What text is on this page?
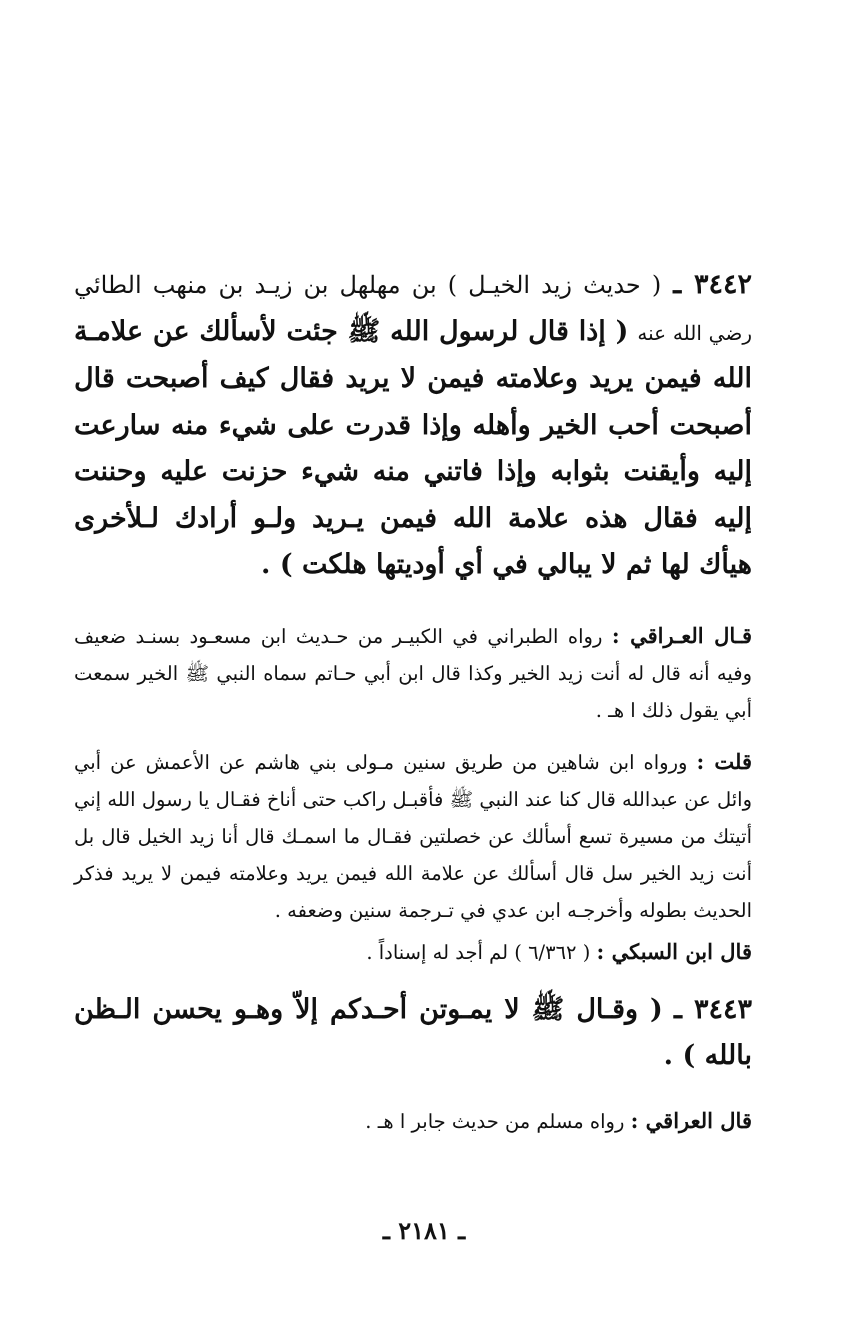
٣٤٤٢ ـ ( حديث زيد الخيـل ) بن مهلهل بن زيـد بن منهب الطائي رضي الله عنه ( إذا قال لرسول الله ﷺ جئت لأسألك عن علامـة الله فيمن يريد وعلامته فيمن لا يريد فقال كيف أصبحت قال أصبحت أحب الخير وأهله وإذا قدرت على شيء منه سارعت إليه وأيقنت بثوابه وإذا فاتني منه شيء حزنت عليه وحننت إليه فقال هذه علامة الله فيمن يـريد ولـو أرادك لـلأخرى هيأك لها ثم لا يبالي في أي أوديتها هلكت ) .

قـال العـراقي : رواه الطبراني في الكبيـر من حـديث ابن مسعـود بسنـد ضعيف وفيه أنه قال له أنت زيد الخير وكذا قال ابن أبي حـاتم سماه النبي ﷺ الخير سمعت أبي يقول ذلك ا هـ .

قلت : ورواه ابن شاهين من طريق سنين مـولى بني هاشم عن الأعمش عن أبي وائل عن عبدالله قال كنا عند النبي ﷺ فأقبـل راكب حتى أناخ فقـال يا رسول الله إني أتيتك من مسيرة تسع أسألك عن خصلتين فقـال ما اسمـك قال أنا زيد الخيل قال بل أنت زيد الخير سل قال أسألك عن علامة الله فيمن يريد وعلامته فيمن لا يريد فذكر الحديث بطوله وأخرجـه ابن عدي في تـرجمة سنين وضعفه .

قال ابن السبكي : ( ٦/٣٦٢ ) لم أجد له إسناداً .

٣٤٤٣ ـ ( وقـال ﷺ لا يمـوتن أحـدكم إلاّ وهـو يحسن الـظن بالله ) .

قال العراقي : رواه مسلم من حديث جابر ا هـ .

ـ ٢١٨١ ـ
